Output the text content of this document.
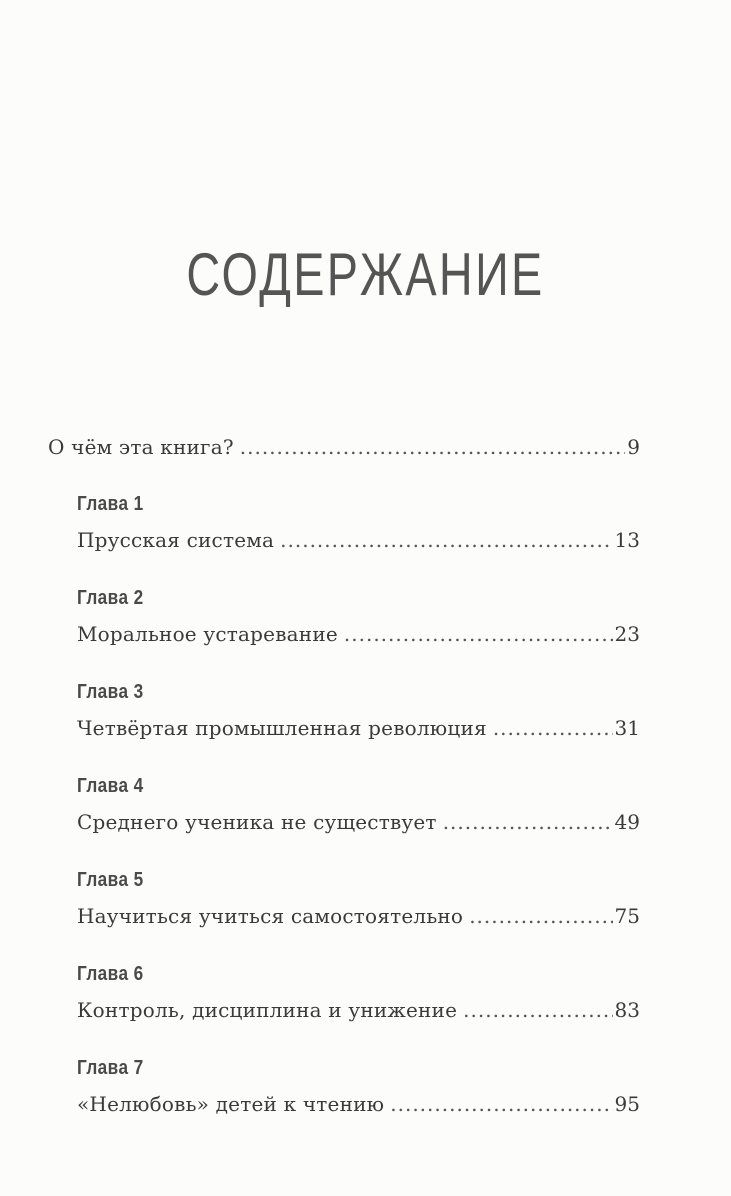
СОДЕРЖАНИЕ
О чём эта книга? .....	9
Глава 1
Прусская система .....	13
Глава 2
Моральное устаревание .....	23
Глава 3
Четвёртая промышленная революция .....	31
Глава 4
Среднего ученика не существует .....	49
Глава 5
Научиться учиться самостоятельно .....	75
Глава 6
Контроль, дисциплина и унижение .....	83
Глава 7
«Нелюбовь» детей к чтению .....	95
